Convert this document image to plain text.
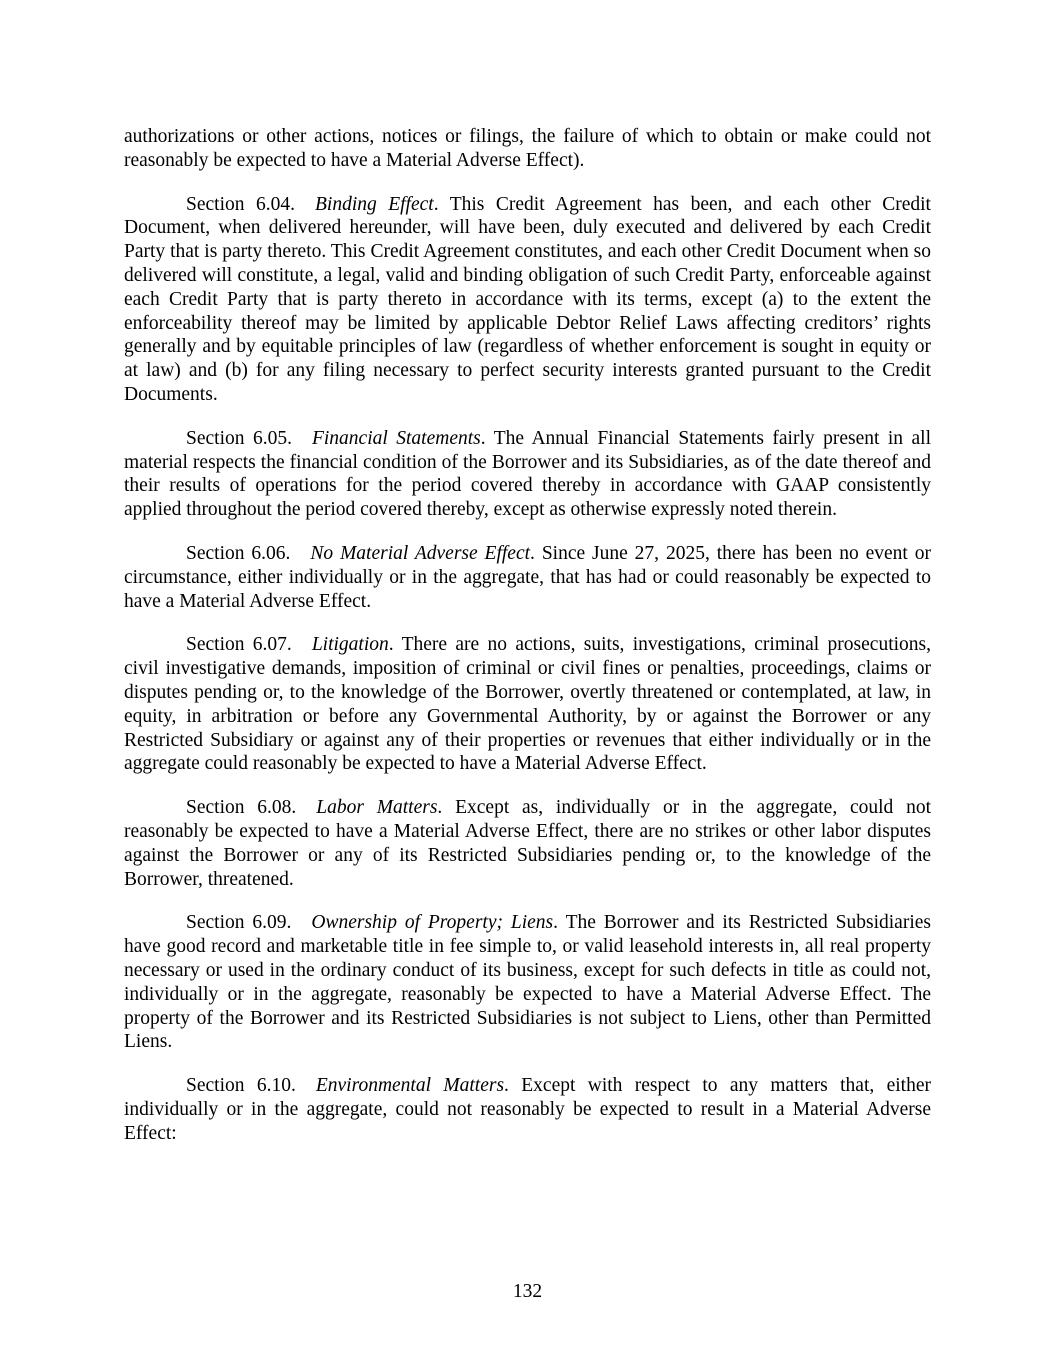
authorizations or other actions, notices or filings, the failure of which to obtain or make could not reasonably be expected to have a Material Adverse Effect).

Section 6.04. Binding Effect. This Credit Agreement has been, and each other Credit Document, when delivered hereunder, will have been, duly executed and delivered by each Credit Party that is party thereto. This Credit Agreement constitutes, and each other Credit Document when so delivered will constitute, a legal, valid and binding obligation of such Credit Party, enforceable against each Credit Party that is party thereto in accordance with its terms, except (a) to the extent the enforceability thereof may be limited by applicable Debtor Relief Laws affecting creditors’ rights generally and by equitable principles of law (regardless of whether enforcement is sought in equity or at law) and (b) for any filing necessary to perfect security interests granted pursuant to the Credit Documents.

Section 6.05. Financial Statements. The Annual Financial Statements fairly present in all material respects the financial condition of the Borrower and its Subsidiaries, as of the date thereof and their results of operations for the period covered thereby in accordance with GAAP consistently applied throughout the period covered thereby, except as otherwise expressly noted therein.

Section 6.06. No Material Adverse Effect. Since June 27, 2025, there has been no event or circumstance, either individually or in the aggregate, that has had or could reasonably be expected to have a Material Adverse Effect.

Section 6.07. Litigation. There are no actions, suits, investigations, criminal prosecutions, civil investigative demands, imposition of criminal or civil fines or penalties, proceedings, claims or disputes pending or, to the knowledge of the Borrower, overtly threatened or contemplated, at law, in equity, in arbitration or before any Governmental Authority, by or against the Borrower or any Restricted Subsidiary or against any of their properties or revenues that either individually or in the aggregate could reasonably be expected to have a Material Adverse Effect.

Section 6.08. Labor Matters. Except as, individually or in the aggregate, could not reasonably be expected to have a Material Adverse Effect, there are no strikes or other labor disputes against the Borrower or any of its Restricted Subsidiaries pending or, to the knowledge of the Borrower, threatened.

Section 6.09. Ownership of Property; Liens. The Borrower and its Restricted Subsidiaries have good record and marketable title in fee simple to, or valid leasehold interests in, all real property necessary or used in the ordinary conduct of its business, except for such defects in title as could not, individually or in the aggregate, reasonably be expected to have a Material Adverse Effect. The property of the Borrower and its Restricted Subsidiaries is not subject to Liens, other than Permitted Liens.

Section 6.10. Environmental Matters. Except with respect to any matters that, either individually or in the aggregate, could not reasonably be expected to result in a Material Adverse Effect:

132
